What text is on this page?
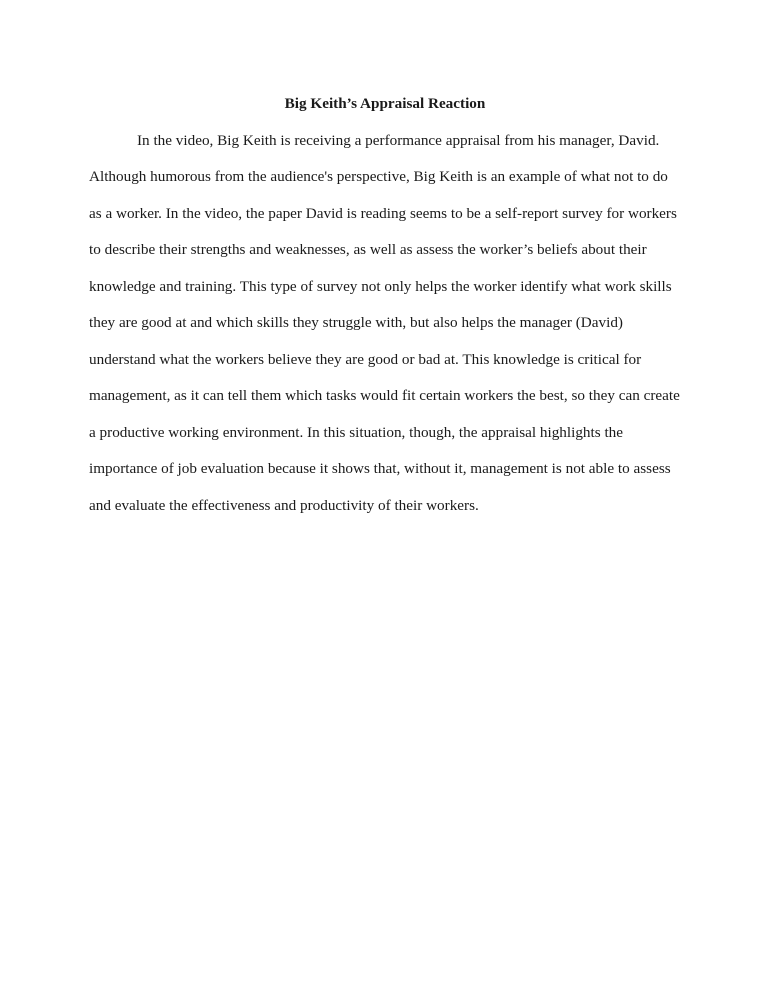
Big Keith’s Appraisal Reaction

In the video, Big Keith is receiving a performance appraisal from his manager, David.
Although humorous from the audience's perspective, Big Keith is an example of what not to do
as a worker. In the video, the paper David is reading seems to be a self-report survey for workers
to describe their strengths and weaknesses, as well as assess the worker’s beliefs about their
knowledge and training. This type of survey not only helps the worker identify what work skills
they are good at and which skills they struggle with, but also helps the manager (David)
understand what the workers believe they are good or bad at. This knowledge is critical for
management, as it can tell them which tasks would fit certain workers the best, so they can create
a productive working environment. In this situation, though, the appraisal highlights the
importance of job evaluation because it shows that, without it, management is not able to assess
and evaluate the effectiveness and productivity of their workers.
